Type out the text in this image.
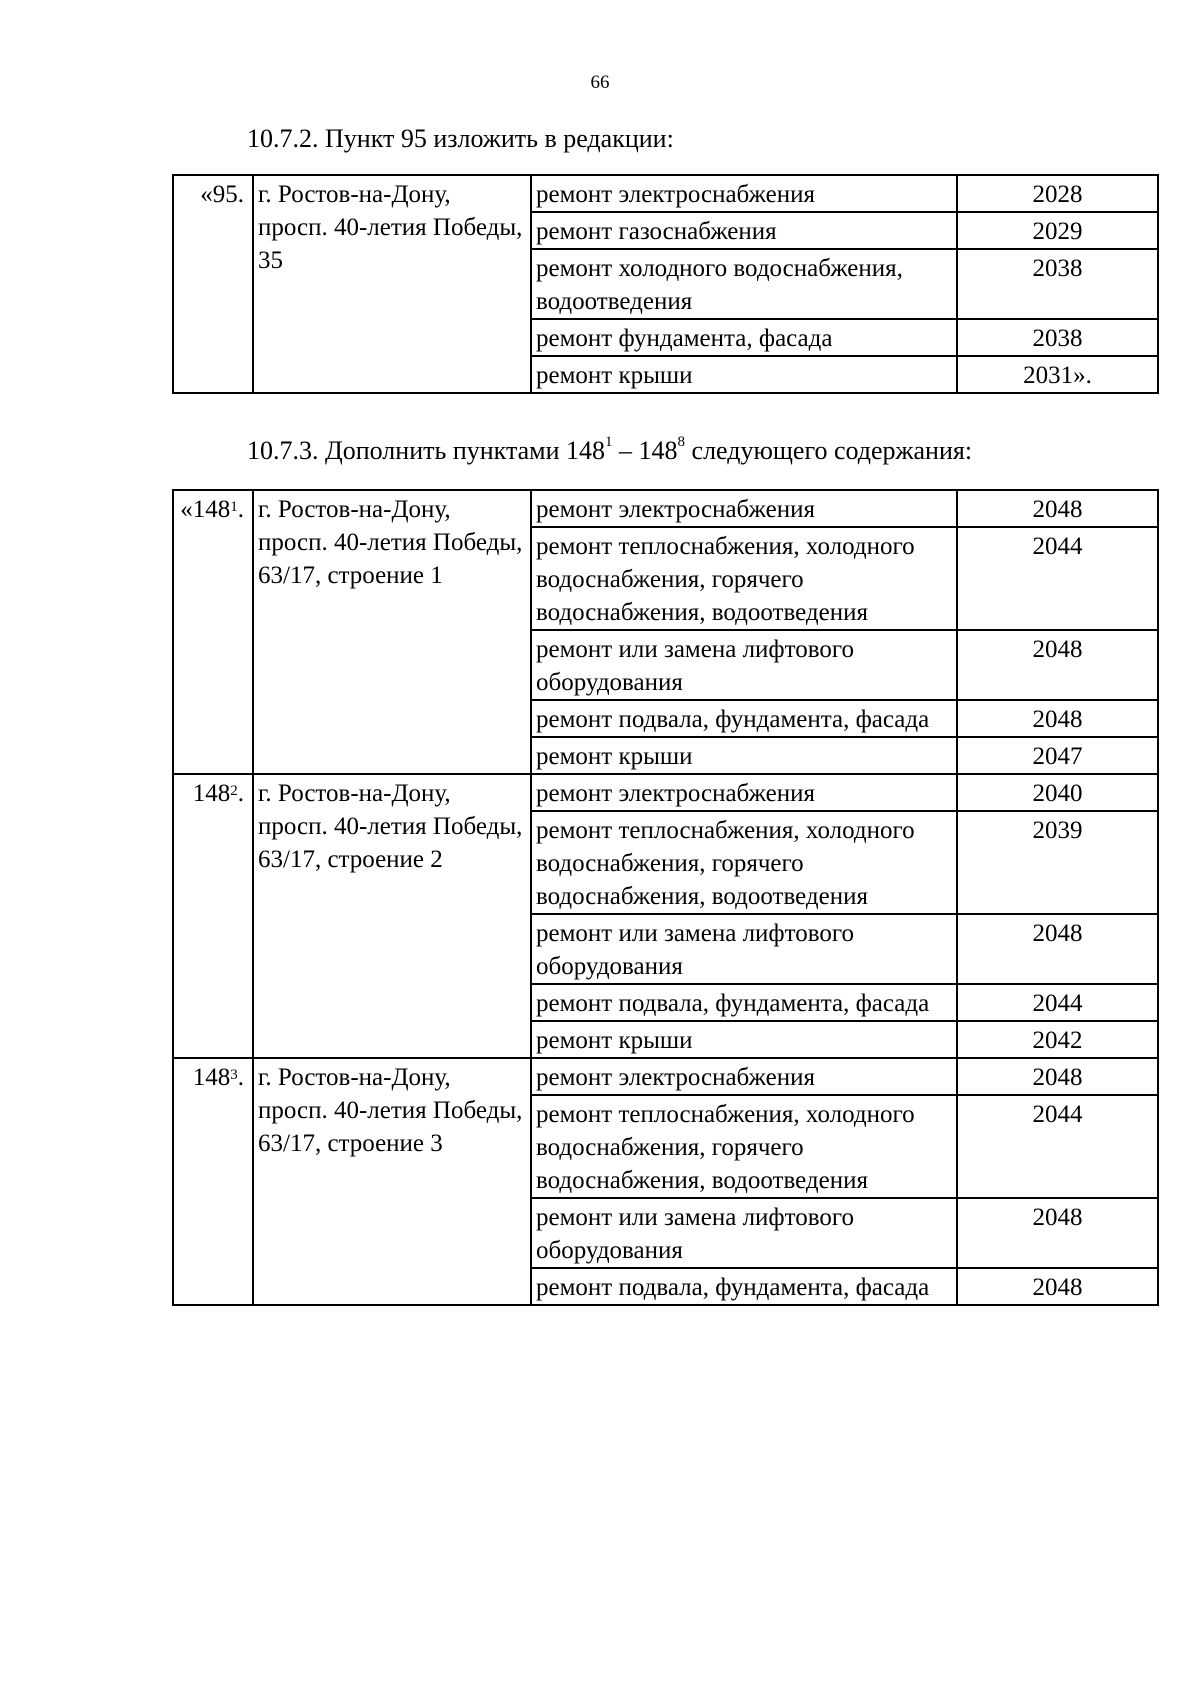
66
10.7.2. Пункт 95 изложить в редакции:
«95.	г. Ростов-на-Дону, просп. 40-летия Победы, 35	ремонт электроснабжения	2028
		ремонт газоснабжения	2029
		ремонт холодного водоснабжения, водоотведения	2038
		ремонт фундамента, фасада	2038
		ремонт крыши	2031».
10.7.3. Дополнить пунктами $148^1 - 148^8$ следующего содержания:
«$148^1$.	г. Ростов-на-Дону, просп. 40-летия Победы, 63/17, строение 1	ремонт электроснабжения	2048
		ремонт теплоснабжения, холодного водоснабжения, горячего водоснабжения, водоотведения	2044
		ремонт или замена лифтового оборудования	2048
		ремонт подвала, фундамента, фасада	2048
		ремонт крыши	2047
$148^2$.	г. Ростов-на-Дону, просп. 40-летия Победы, 63/17, строение 2	ремонт электроснабжения	2040
		ремонт теплоснабжения, холодного водоснабжения, горячего водоснабжения, водоотведения	2039
		ремонт или замена лифтового оборудования	2048
		ремонт подвала, фундамента, фасада	2044
		ремонт крыши	2042
$148^3$.	г. Ростов-на-Дону, просп. 40-летия Победы, 63/17, строение 3	ремонт электроснабжения	2048
		ремонт теплоснабжения, холодного водоснабжения, горячего водоснабжения, водоотведения	2044
		ремонт или замена лифтового оборудования	2048
		ремонт подвала, фундамента, фасада	2048
